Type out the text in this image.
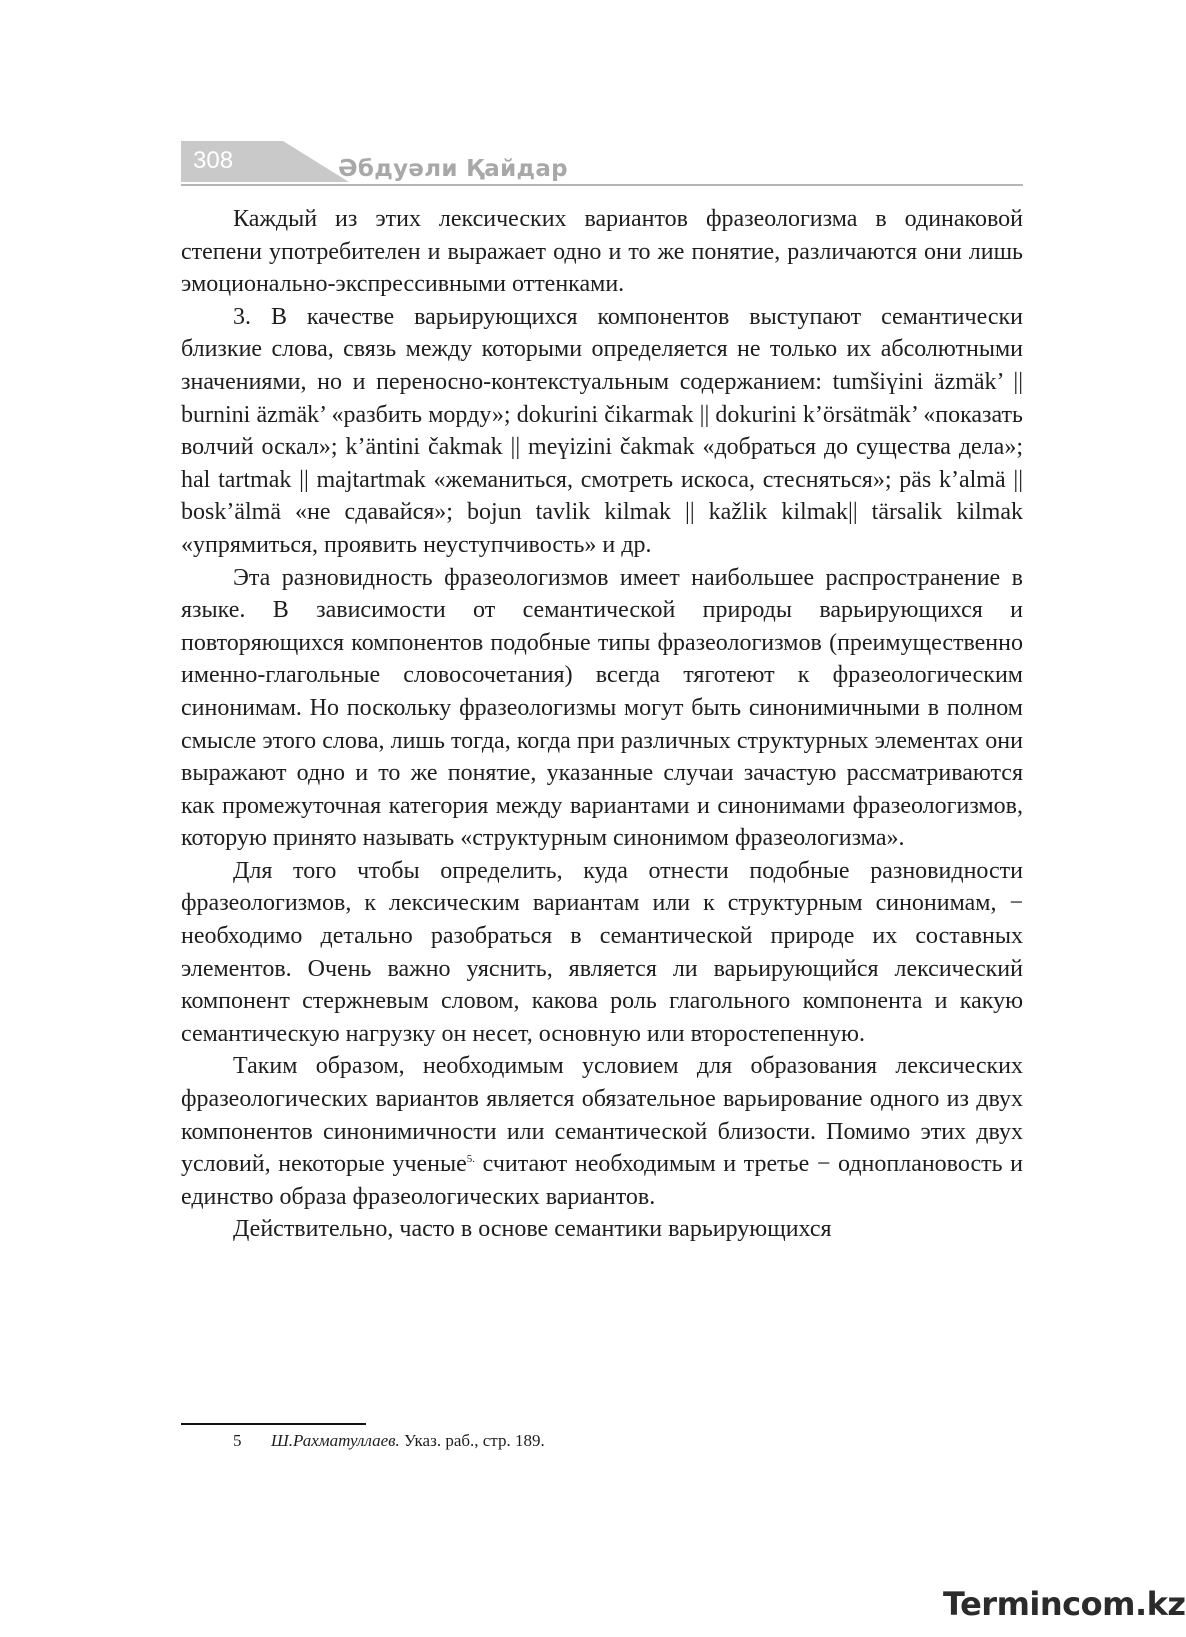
308	Әбдуәли Қайдар

Каждый из этих лексических вариантов фразеологизма в одинаковой степени употребителен и выражает одно и то же понятие, различаются они лишь эмоционально-экспрессивными оттенками.

3. В качестве варьирующихся компонентов выступают семантически близкие слова, связь между которыми определяется не только их абсолютными значениями, но и переносно-контекстуальным содержанием: tumšiүini äzmäk’ || burnini äzmäk’ «разбить морду»; dokurini čikarmak || dokurini k’örsätmäk’ «показать волчий оскал»; k’äntini čakmak || meүizini čakmak «добраться до существа дела»; hal tartmak || majtartmak «жеманиться, смотреть искоса, стесняться»; päs k’almä || bosk’älmä «не сдавайся»; bojun tavlik kilmak || kažlik kilmak|| tärsalik kilmak «упрямиться, проявить неуступчивость» и др.

Эта разновидность фразеологизмов имеет наибольшее распространение в языке. В зависимости от семантической природы варьирующихся и повторяющихся компонентов подобные типы фразеологизмов (преимущественно именно-глагольные словосочетания) всегда тяготеют к фразеологическим синонимам. Но поскольку фразеологизмы могут быть синонимичными в полном смысле этого слова, лишь тогда, когда при различных структурных элементах они выражают одно и то же понятие, указанные случаи зачастую рассматриваются как промежуточная категория между вариантами и синонимами фразеологизмов, которую принято называть «структурным синонимом фразеологизма».

Для того чтобы определить, куда отнести подобные разновидности фразеологизмов, к лексическим вариантам или к структурным синонимам, − необходимо детально разобраться в семантической природе их составных элементов. Очень важно уяснить, является ли варьирующийся лексический компонент стержневым словом, какова роль глагольного компонента и какую семантическую нагрузку он несет, основную или второстепенную.

Таким образом, необходимым условием для образования лексических фразеологических вариантов является обязательное варьирование одного из двух компонентов синонимичности или семантической близости. Помимо этих двух условий, некоторые ученые$^{5.}$ считают необходимым и третье − одноплановость и единство образа фразеологических вариантов.

Действительно, часто в основе семантики варьирующихся

5 Ш.Рахматуллаев. Указ. раб., стр. 189.
Termincom.kz
